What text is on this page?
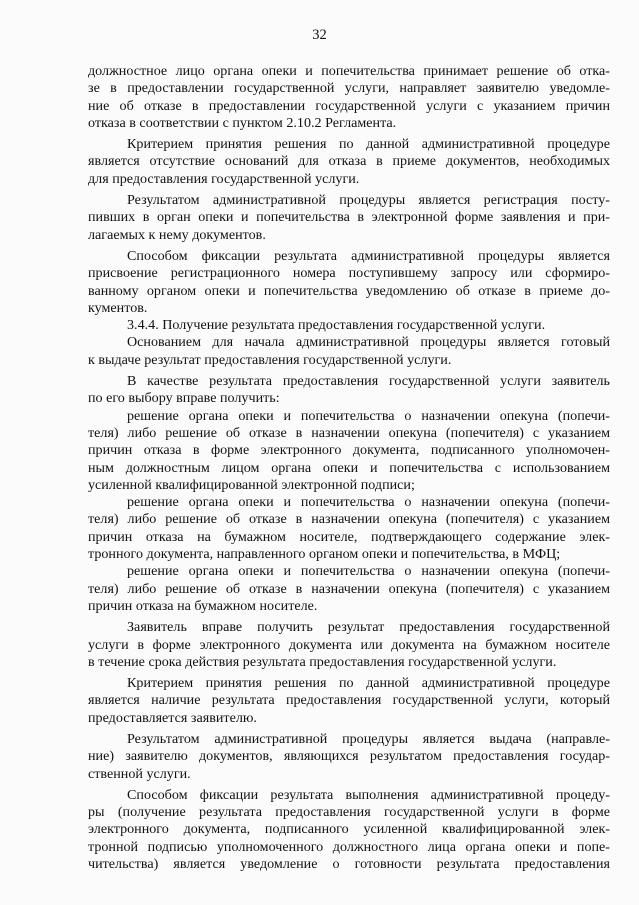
32
должностное лицо органа опеки и попечительства принимает решение об отка-
зе в предоставлении государственной услуги, направляет заявителю уведомле-
ние об отказе в предоставлении государственной услуги с указанием причин
отказа в соответствии с пунктом 2.10.2 Регламента.
Критерием принятия решения по данной административной процедуре
является отсутствие оснований для отказа в приеме документов, необходимых
для предоставления государственной услуги.
Результатом административной процедуры является регистрация посту-
пивших в орган опеки и попечительства в электронной форме заявления и при-
лагаемых к нему документов.
Способом фиксации результата административной процедуры является
присвоение регистрационного номера поступившему запросу или сформиро-
ванному органом опеки и попечительства уведомлению об отказе в приеме до-
кументов.
3.4.4. Получение результата предоставления государственной услуги.
Основанием для начала административной процедуры является готовый
к выдаче результат предоставления государственной услуги.
В качестве результата предоставления государственной услуги заявитель
по его выбору вправе получить:
решение органа опеки и попечительства о назначении опекуна (попечи-
теля) либо решение об отказе в назначении опекуна (попечителя) с указанием
причин отказа в форме электронного документа, подписанного уполномочен-
ным должностным лицом органа опеки и попечительства с использованием
усиленной квалифицированной электронной подписи;
решение органа опеки и попечительства о назначении опекуна (попечи-
теля) либо решение об отказе в назначении опекуна (попечителя) с указанием
причин отказа на бумажном носителе, подтверждающего содержание элек-
тронного документа, направленного органом опеки и попечительства, в МФЦ;
решение органа опеки и попечительства о назначении опекуна (попечи-
теля) либо решение об отказе в назначении опекуна (попечителя) с указанием
причин отказа на бумажном носителе.
Заявитель вправе получить результат предоставления государственной
услуги в форме электронного документа или документа на бумажном носителе
в течение срока действия результата предоставления государственной услуги.
Критерием принятия решения по данной административной процедуре
является наличие результата предоставления государственной услуги, который
предоставляется заявителю.
Результатом административной процедуры является выдача (направле-
ние) заявителю документов, являющихся результатом предоставления государ-
ственной услуги.
Способом фиксации результата выполнения административной процеду-
ры (получение результата предоставления государственной услуги в форме
электронного документа, подписанного усиленной квалифицированной элек-
тронной подписью уполномоченного должностного лица органа опеки и попе-
чительства) является уведомление о готовности результата предоставления
